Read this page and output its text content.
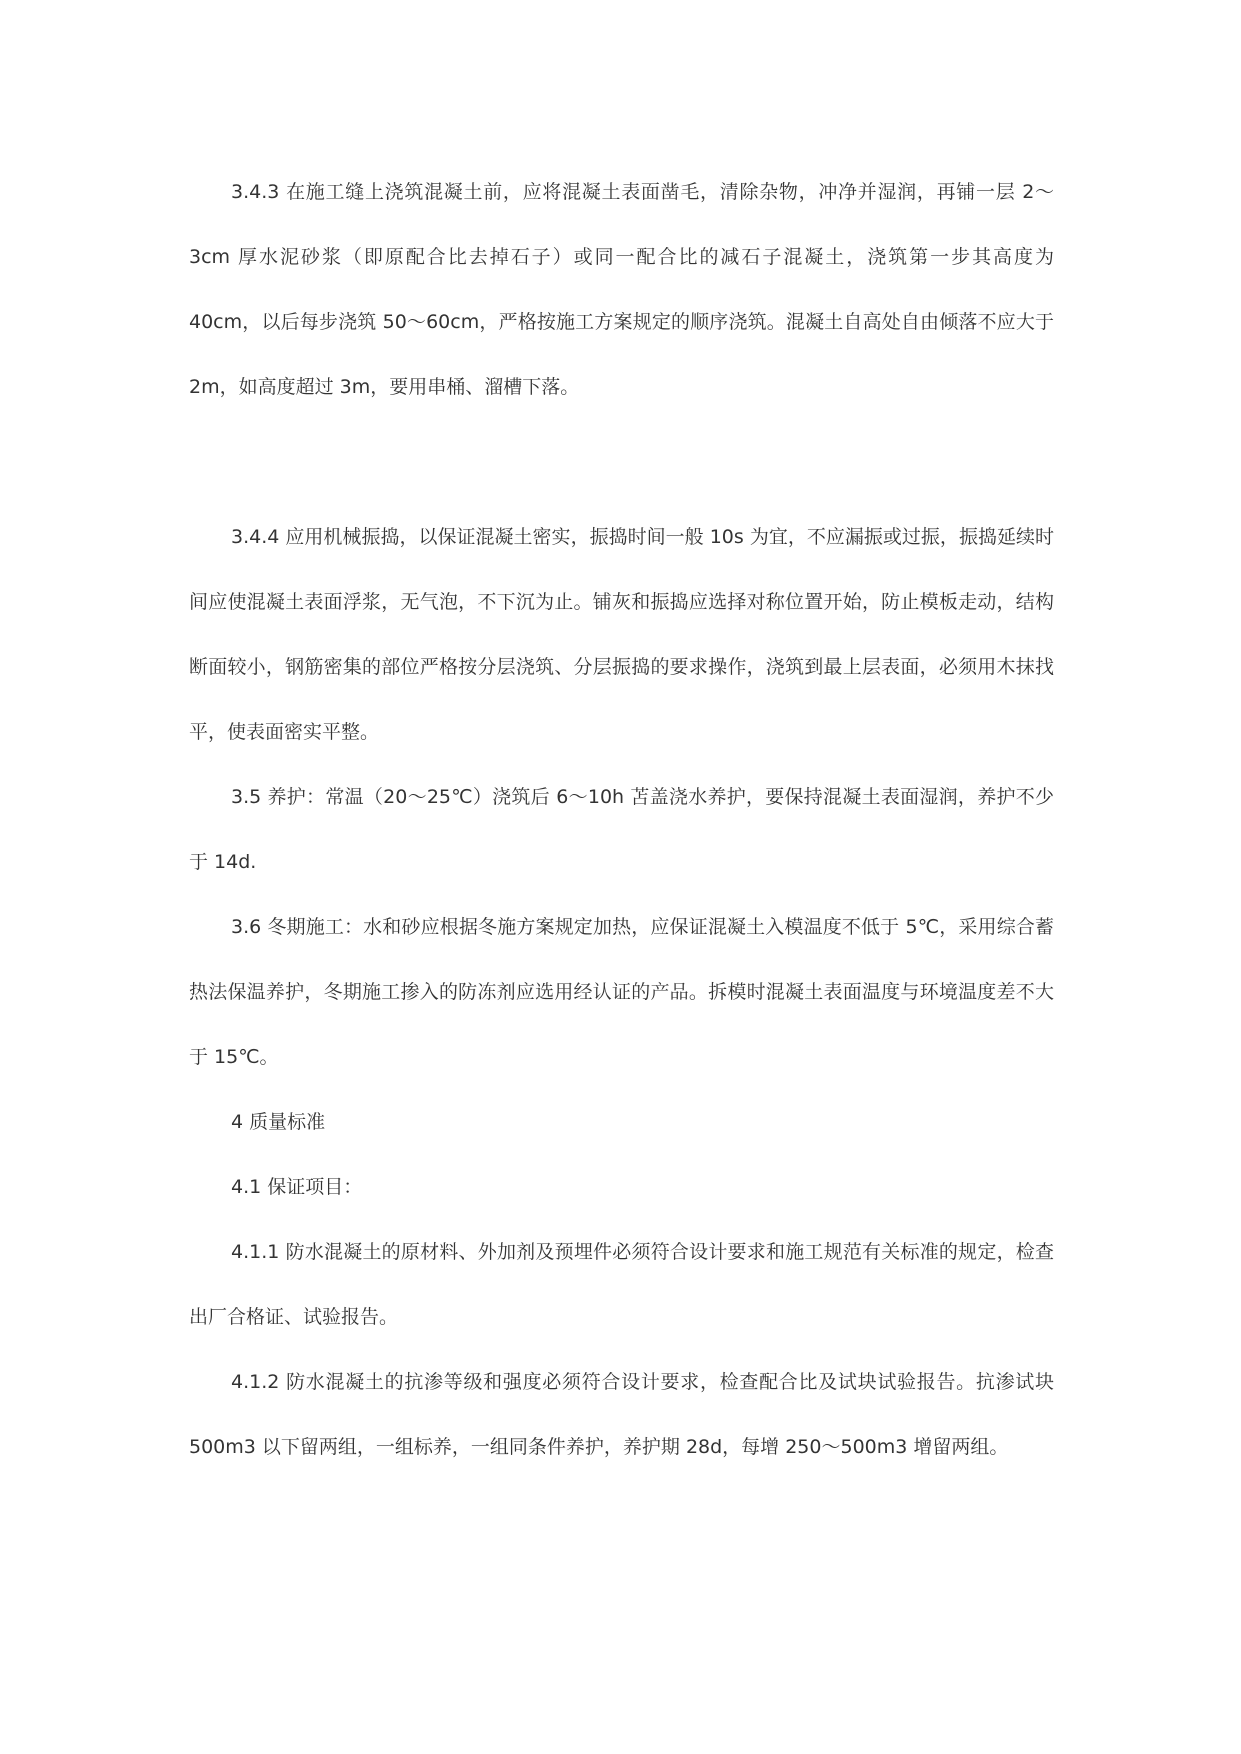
3.4.3 在施工缝上浇筑混凝土前，应将混凝土表面凿毛，清除杂物，冲净并湿润，再铺一层 2～3cm 厚水泥砂浆（即原配合比去掉石子）或同一配合比的减石子混凝土，浇筑第一步其高度为 40cm，以后每步浇筑 50～60cm，严格按施工方案规定的顺序浇筑。混凝土自高处自由倾落不应大于 2m，如高度超过 3m，要用串桶、溜槽下落。

3.4.4 应用机械振捣，以保证混凝土密实，振捣时间一般 10s 为宜，不应漏振或过振，振捣延续时间应使混凝土表面浮浆，无气泡，不下沉为止。铺灰和振捣应选择对称位置开始，防止模板走动，结构断面较小，钢筋密集的部位严格按分层浇筑、分层振捣的要求操作，浇筑到最上层表面，必须用木抹找平，使表面密实平整。

3.5 养护：常温（20～25℃）浇筑后 6～10h 苫盖浇水养护，要保持混凝土表面湿润，养护不少于 14d.

3.6 冬期施工：水和砂应根据冬施方案规定加热，应保证混凝土入模温度不低于 5℃，采用综合蓄热法保温养护，冬期施工掺入的防冻剂应选用经认证的产品。拆模时混凝土表面温度与环境温度差不大于 15℃。

4 质量标准

4.1 保证项目：

4.1.1 防水混凝土的原材料、外加剂及预埋件必须符合设计要求和施工规范有关标准的规定，检查出厂合格证、试验报告。

4.1.2 防水混凝土的抗渗等级和强度必须符合设计要求，检查配合比及试块试验报告。抗渗试块 500m3 以下留两组，一组标养，一组同条件养护，养护期 28d，每增 250～500m3 增留两组。
